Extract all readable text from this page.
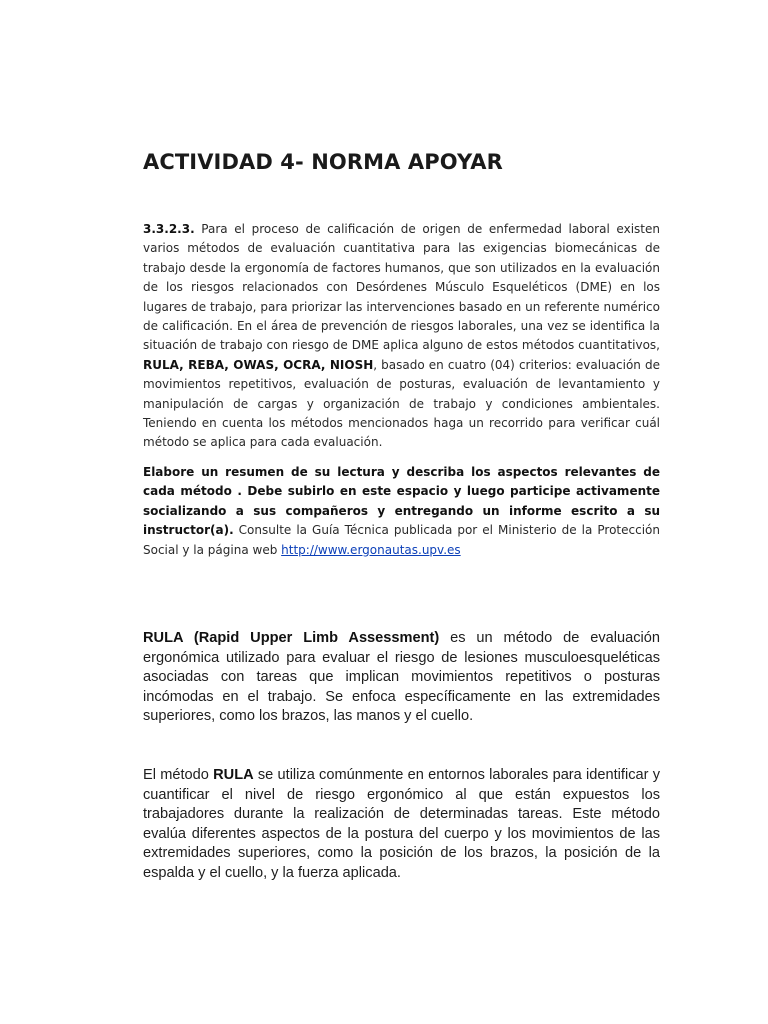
ACTIVIDAD 4- NORMA APOYAR

3.3.2.3. Para el proceso de calificación de origen de enfermedad laboral existen varios métodos de evaluación cuantitativa para las exigencias biomecánicas de trabajo desde la ergonomía de factores humanos, que son utilizados en la evaluación de los riesgos relacionados con Desórdenes Músculo Esqueléticos (DME) en los lugares de trabajo, para priorizar las intervenciones basado en un referente numérico de calificación. En el área de prevención de riesgos laborales, una vez se identifica la situación de trabajo con riesgo de DME aplica alguno de estos métodos cuantitativos, RULA, REBA, OWAS, OCRA, NIOSH, basado en cuatro (04) criterios: evaluación de movimientos repetitivos, evaluación de posturas, evaluación de levantamiento y manipulación de cargas y organización de trabajo y condiciones ambientales. Teniendo en cuenta los métodos mencionados haga un recorrido para verificar cuál método se aplica para cada evaluación.

Elabore un resumen de su lectura y describa los aspectos relevantes de cada método . Debe subirlo en este espacio y luego participe activamente socializando a sus compañeros y entregando un informe escrito a su instructor(a). Consulte la Guía Técnica publicada por el Ministerio de la Protección Social y la página web http://www.ergonautas.upv.es

RULA (Rapid Upper Limb Assessment) es un método de evaluación ergonómica utilizado para evaluar el riesgo de lesiones musculoesqueléticas asociadas con tareas que implican movimientos repetitivos o posturas incómodas en el trabajo. Se enfoca específicamente en las extremidades superiores, como los brazos, las manos y el cuello.

El método RULA se utiliza comúnmente en entornos laborales para identificar y cuantificar el nivel de riesgo ergonómico al que están expuestos los trabajadores durante la realización de determinadas tareas. Este método evalúa diferentes aspectos de la postura del cuerpo y los movimientos de las extremidades superiores, como la posición de los brazos, la posición de la espalda y el cuello, y la fuerza aplicada.
